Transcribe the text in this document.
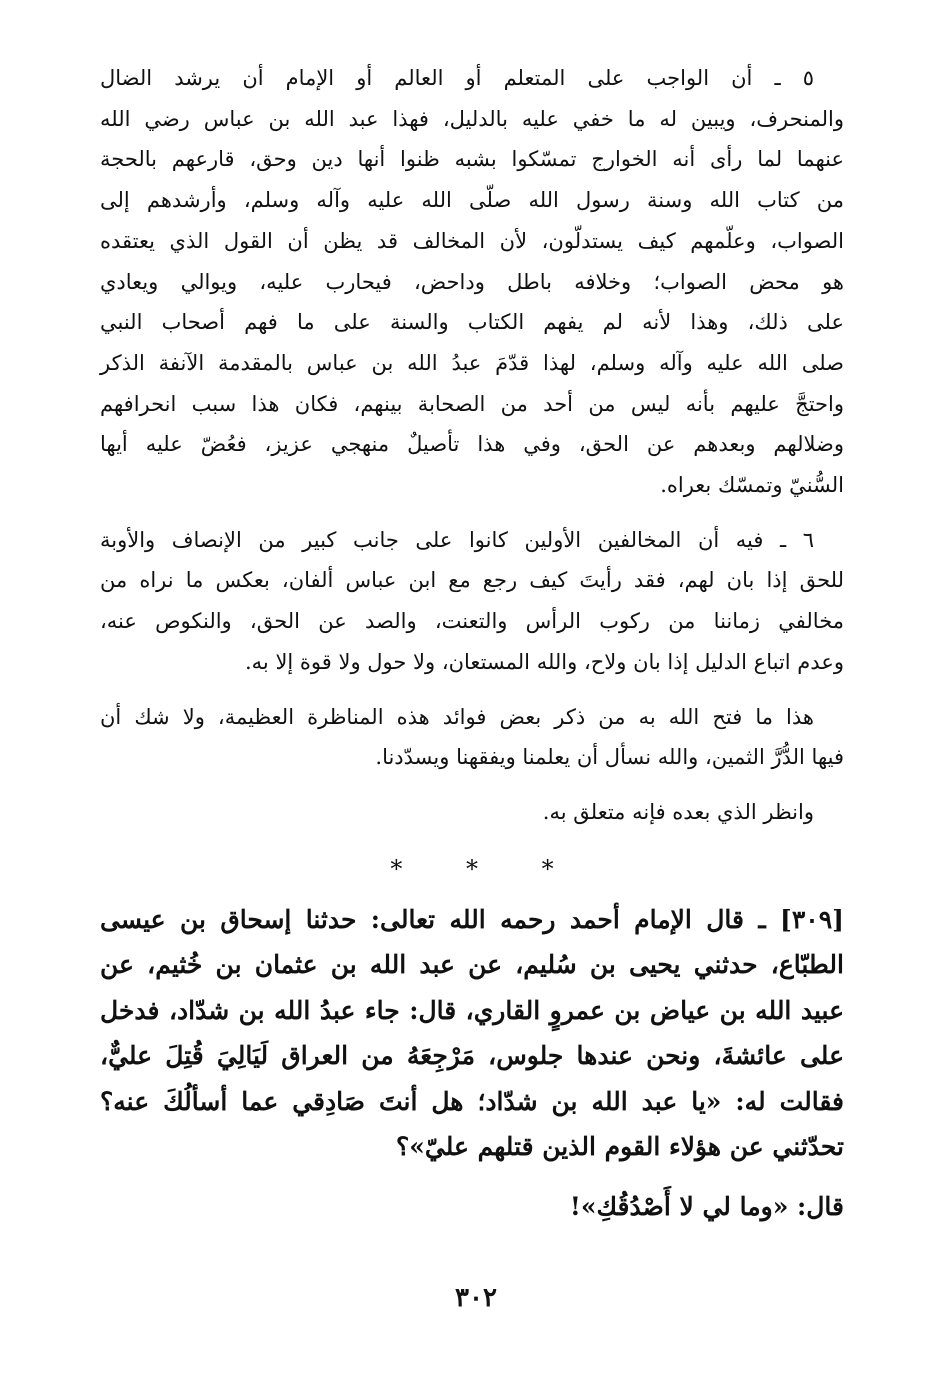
٥ ـ أن الواجب على المتعلم أو العالم أو الإمام أن يرشد الضال
والمنحرف، ويبين له ما خفي عليه بالدليل، فهذا عبد الله بن عباس رضي الله
عنهما لما رأى أنه الخوارج تمسّكوا بشبه ظنوا أنها دين وحق، قارعهم بالحجة
من كتاب الله وسنة رسول الله صلّى الله عليه وآله وسلم، وأرشدهم إلى
الصواب، وعلّمهم كيف يستدلّون، لأن المخالف قد يظن أن القول الذي يعتقده
هو محض الصواب؛ وخلافه باطل وداحض، فيحارب عليه، ويوالي ويعادي
على ذلك، وهذا لأنه لم يفهم الكتاب والسنة على ما فهم أصحاب النبي
صلى الله عليه وآله وسلم، لهذا قدّمَ عبدُ الله بن عباس بالمقدمة الآنفة الذكر
واحتجَّ عليهم بأنه ليس من أحد من الصحابة بينهم، فكان هذا سبب انحرافهم
وضلالهم وبعدهم عن الحق، وفي هذا تأصيلٌ منهجي عزيز، فعُضّ عليه أيها
السُّنيّ وتمسّك بعراه.
٦ ـ فيه أن المخالفين الأولين كانوا على جانب كبير من الإنصاف والأوبة
للحق إذا بان لهم، فقد رأيتَ كيف رجع مع ابن عباس ألفان، بعكس ما نراه من
مخالفي زماننا من ركوب الرأس والتعنت، والصد عن الحق، والنكوص عنه،
وعدم اتباع الدليل إذا بان ولاح، والله المستعان، ولا حول ولا قوة إلا به.
هذا ما فتح الله به من ذكر بعض فوائد هذه المناظرة العظيمة، ولا شك أن
فيها الدُّرَّ الثمين، والله نسأل أن يعلمنا ويفقهنا ويسدّدنا.
وانظر الذي بعده فإنه متعلق به.
* * *
[٣٠٩] ـ قال الإمام أحمد رحمه الله تعالى: حدثنا إسحاق بن عيسى
الطبّاع، حدثني يحيى بن سُليم، عن عبد الله بن عثمان بن خُثيم، عن
عبيد الله بن عياض بن عمروٍ القاري، قال: جاء عبدُ الله بن شدّاد، فدخل
على عائشةَ، ونحن عندها جلوس، مَرْجِعَهُ من العراق لَيَالِيَ قُتِلَ عليٌّ،
فقالت له: «يا عبد الله بن شدّاد؛ هل أنتَ صَادِقي عما أسألُكَ عنه؟
تحدّثني عن هؤلاء القوم الذين قتلهم عليّ»؟
قال: «وما لي لا أَصْدُقُكِ»!
٣٠٢
